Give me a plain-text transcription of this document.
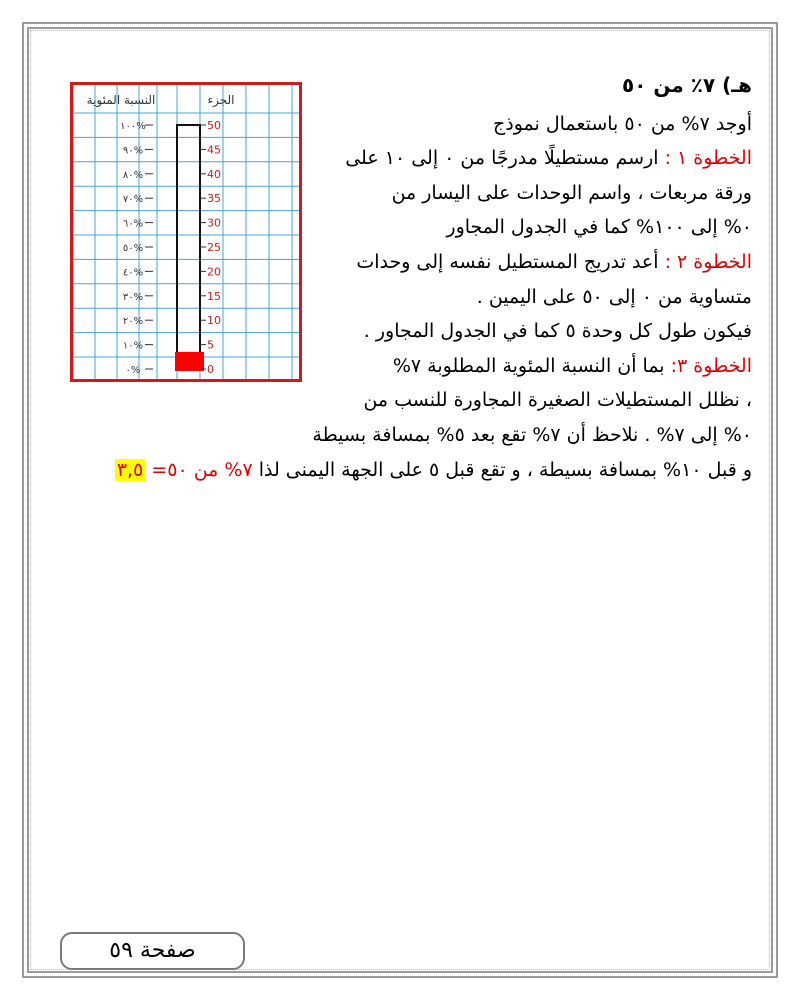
هـ) ٧٪ من ٥٠
أوجد ٧% من ٥٠ باستعمال نموذج
الخطوة ١ : ارسم مستطيلًا مدرجًا من ٠ إلى ١٠ على
ورقة مربعات ، واسم الوحدات على اليسار من
٠% إلى ١٠٠% كما في الجدول المجاور
الخطوة ٢ : أعد تدريج المستطيل نفسه إلى وحدات
متساوية من ٠ إلى ٥٠ على اليمين .
فيكون طول كل وحدة ٥ كما في الجدول المجاور .
الخطوة ٣: بما أن النسبة المئوية المطلوبة ٧%
، نظلل المستطيلات الصغيرة المجاورة للنسب من
٠% إلى ٧% . نلاحظ أن ٧% تقع بعد ٥% بمسافة بسيطة
و قبل ١٠% بمسافة بسيطة ، و تقع قبل ٥ على الجهة اليمنى لذا ٧% من ٥٠= ٣,٥
النسبة المئوية	الجزء
١٠٠%
٩٠%
٨٠%
٧٠%
٦٠%
٥٠%
٤٠%
٣٠%
٢٠%
١٠%
٠%
50
45
40
35
30
25
20
15
10
5
0
صفحة ٥٩
